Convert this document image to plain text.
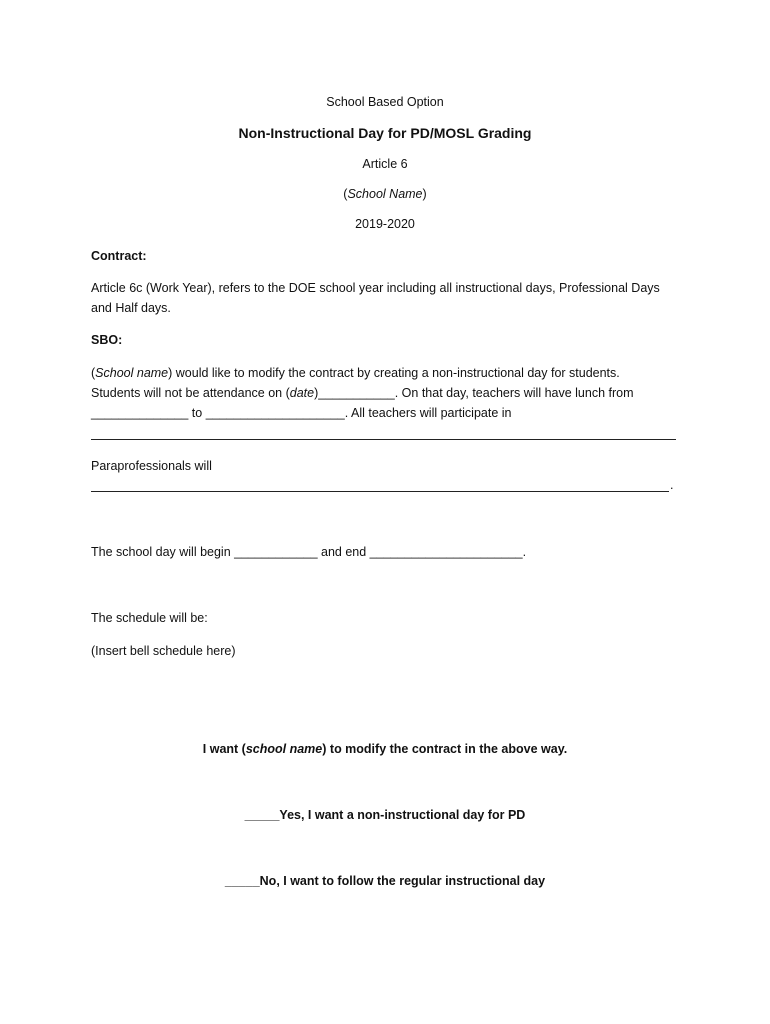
School Based Option
Non-Instructional Day for PD/MOSL Grading
Article 6
(School Name)
2019-2020
Contract:
Article 6c (Work Year), refers to the DOE school year including all instructional days, Professional Days
and Half days.
SBO:
(School name) would like to modify the contract by creating a non-instructional day for students.
Students will not be attendance on (date)___________. On that day, teachers will have lunch from
______________ to ____________________. All teachers will participate in
Paraprofessionals will
.
The school day will begin ____________ and end ______________________.
The schedule will be:
(Insert bell schedule here)
I want (school name) to modify the contract in the above way.
_____Yes, I want a non-instructional day for PD
_____No, I want to follow the regular instructional day
